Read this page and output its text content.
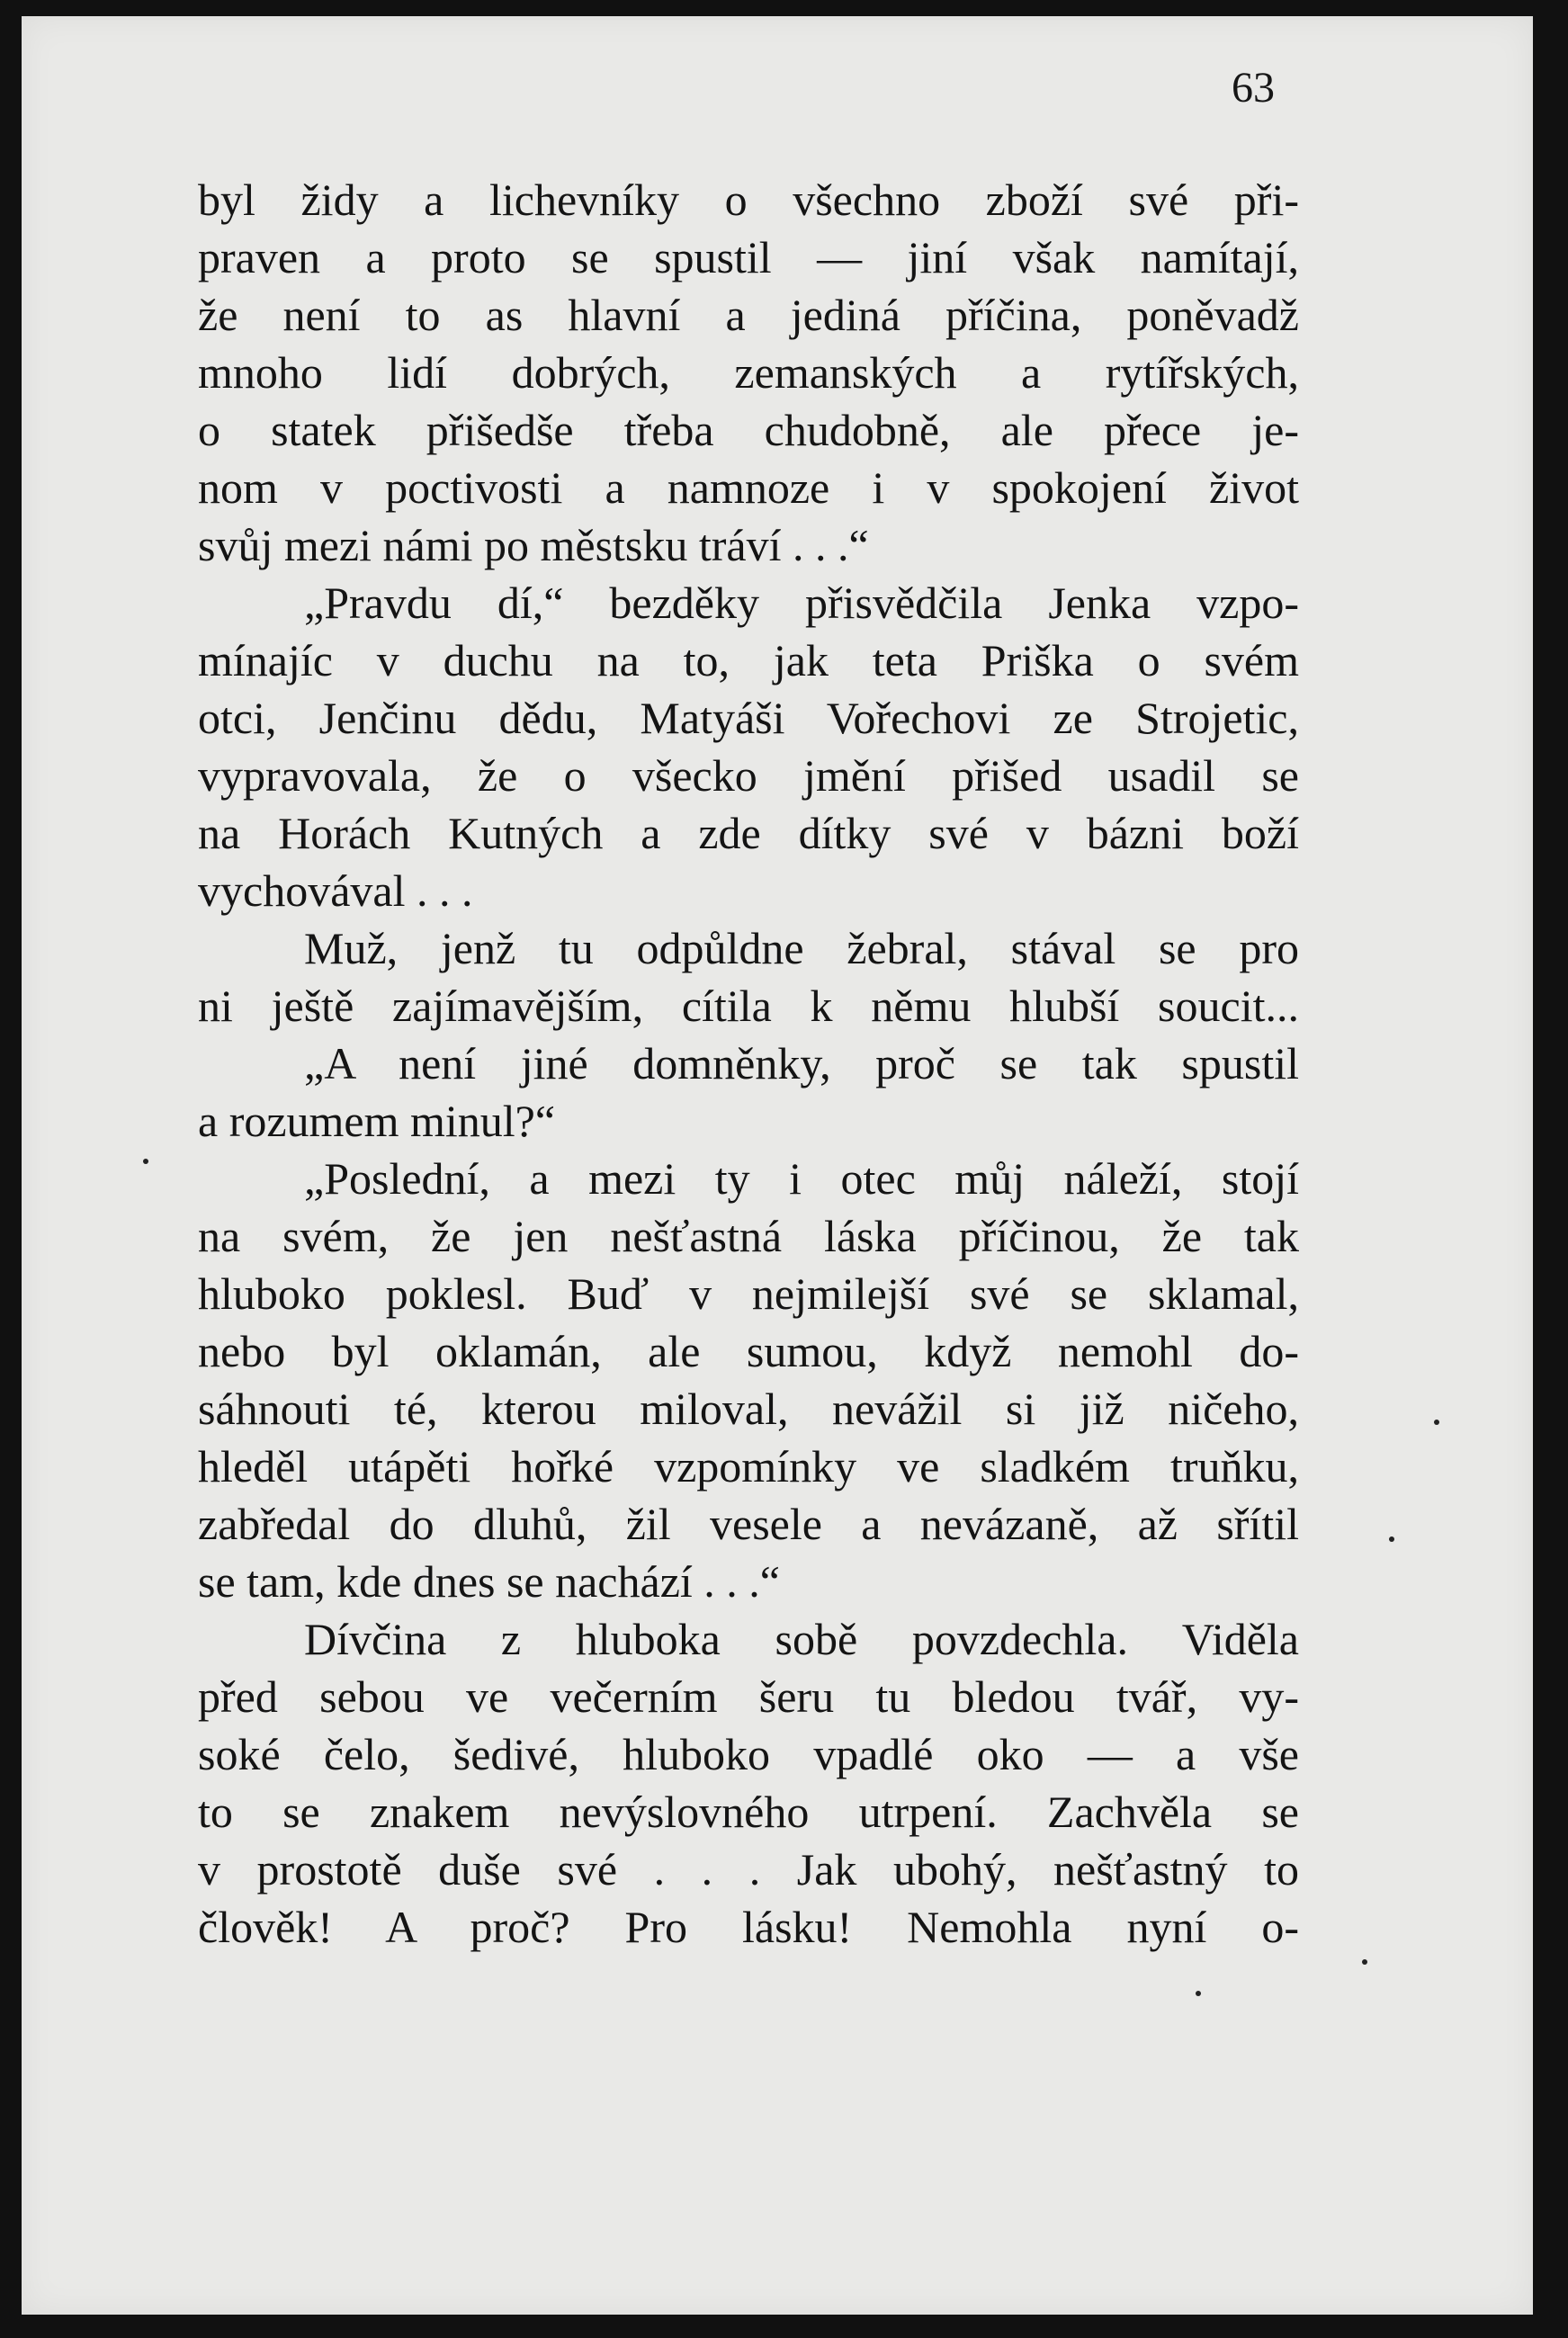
63
byl židy a lichevníky o všechno zboží své při-
praven a proto se spustil — jiní však namítají,
že není to as hlavní a jediná příčina, poněvadž
mnoho lidí dobrých, zemanských a rytířských,
o statek přišedše třeba chudobně, ale přece je-
nom v poctivosti a namnoze i v spokojení život
svůj mezi námi po městsku tráví . . .“
„Pravdu dí,“ bezděky přisvědčila Jenka vzpo-
mínajíc v duchu na to, jak teta Priška o svém
otci, Jenčinu dědu, Matyáši Vořechovi ze Strojetic,
vypravovala, že o všecko jmění přišed usadil se
na Horách Kutných a zde dítky své v bázni boží
vychovával . . .
Muž, jenž tu odpůldne žebral, stával se pro
ni ještě zajímavějším, cítila k němu hlubší soucit...
„A není jiné domněnky, proč se tak spustil
a rozumem minul?“
„Poslední, a mezi ty i otec můj náleží, stojí
na svém, že jen nešťastná láska příčinou, že tak
hluboko poklesl. Buď v nejmilejší své se sklamal,
nebo byl oklamán, ale sumou, když nemohl do-
sáhnouti té, kterou miloval, nevážil si již ničeho,
hleděl utápěti hořké vzpomínky ve sladkém truňku,
zabředal do dluhů, žil vesele a nevázaně, až sřítil
se tam, kde dnes se nachází . . .“
Dívčina z hluboka sobě povzdechla. Viděla
před sebou ve večerním šeru tu bledou tvář, vy-
soké čelo, šedivé, hluboko vpadlé oko — a vše
to se znakem nevýslovného utrpení. Zachvěla se
v prostotě duše své . . . Jak ubohý, nešťastný to
člověk! A proč? Pro lásku! Nemohla nyní o-
